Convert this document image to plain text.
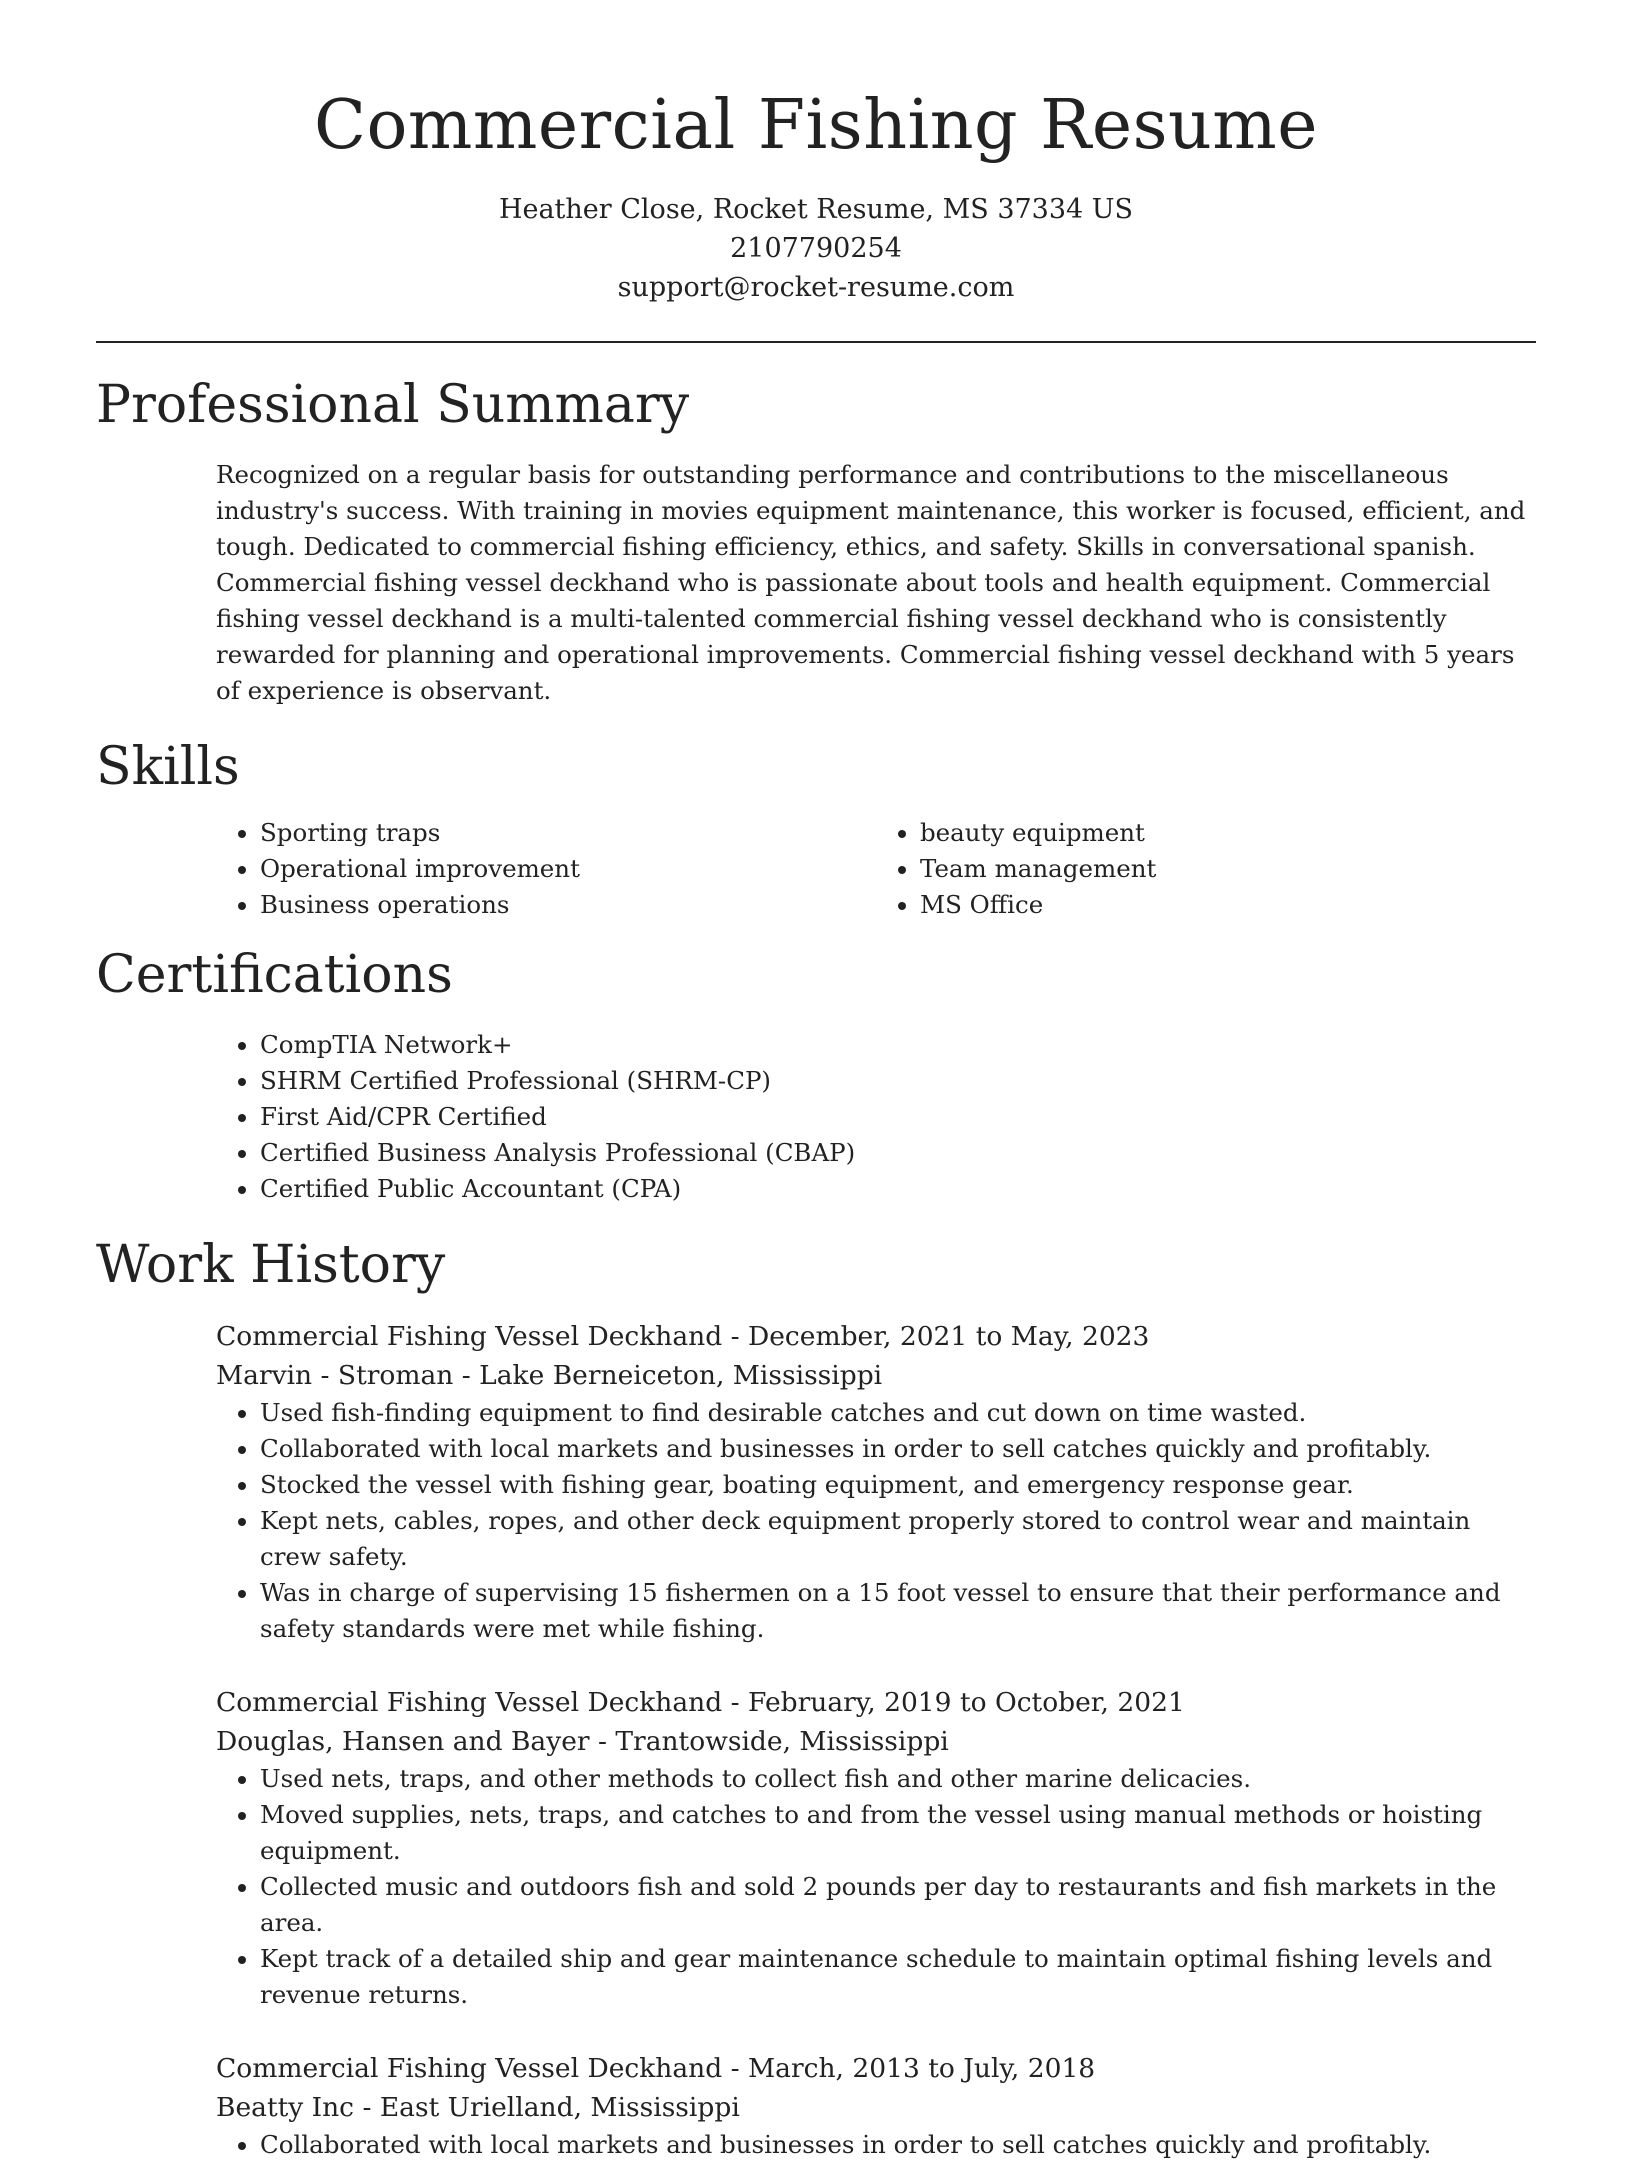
Commercial Fishing Resume
Heather Close, Rocket Resume, MS 37334 US
2107790254
support@rocket-resume.com
Professional Summary

Recognized on a regular basis for outstanding performance and contributions to the miscellaneous industry's success. With training in movies equipment maintenance, this worker is focused, efficient, and tough. Dedicated to commercial fishing efficiency, ethics, and safety. Skills in conversational spanish. Commercial fishing vessel deckhand who is passionate about tools and health equipment. Commercial fishing vessel deckhand is a multi-talented commercial fishing vessel deckhand who is consistently rewarded for planning and operational improvements. Commercial fishing vessel deckhand with 5 years of experience is observant.

Skills
• Sporting traps
• Operational improvement
• Business operations
• beauty equipment
• Team management
• MS Office
Certifications
• CompTIA Network+
• SHRM Certified Professional (SHRM-CP)
• First Aid/CPR Certified
• Certified Business Analysis Professional (CBAP)
• Certified Public Accountant (CPA)
Work History
Commercial Fishing Vessel Deckhand - December, 2021 to May, 2023
Marvin - Stroman - Lake Berneiceton, Mississippi
• Used fish-finding equipment to find desirable catches and cut down on time wasted.
• Collaborated with local markets and businesses in order to sell catches quickly and profitably.
• Stocked the vessel with fishing gear, boating equipment, and emergency response gear.
• Kept nets, cables, ropes, and other deck equipment properly stored to control wear and maintain crew safety.
• Was in charge of supervising 15 fishermen on a 15 foot vessel to ensure that their performance and safety standards were met while fishing.
Commercial Fishing Vessel Deckhand - February, 2019 to October, 2021
Douglas, Hansen and Bayer - Trantowside, Mississippi
• Used nets, traps, and other methods to collect fish and other marine delicacies.
• Moved supplies, nets, traps, and catches to and from the vessel using manual methods or hoisting equipment.
• Collected music and outdoors fish and sold 2 pounds per day to restaurants and fish markets in the area.
• Kept track of a detailed ship and gear maintenance schedule to maintain optimal fishing levels and revenue returns.
Commercial Fishing Vessel Deckhand - March, 2013 to July, 2018
Beatty Inc - East Urielland, Mississippi
• Collaborated with local markets and businesses in order to sell catches quickly and profitably.
